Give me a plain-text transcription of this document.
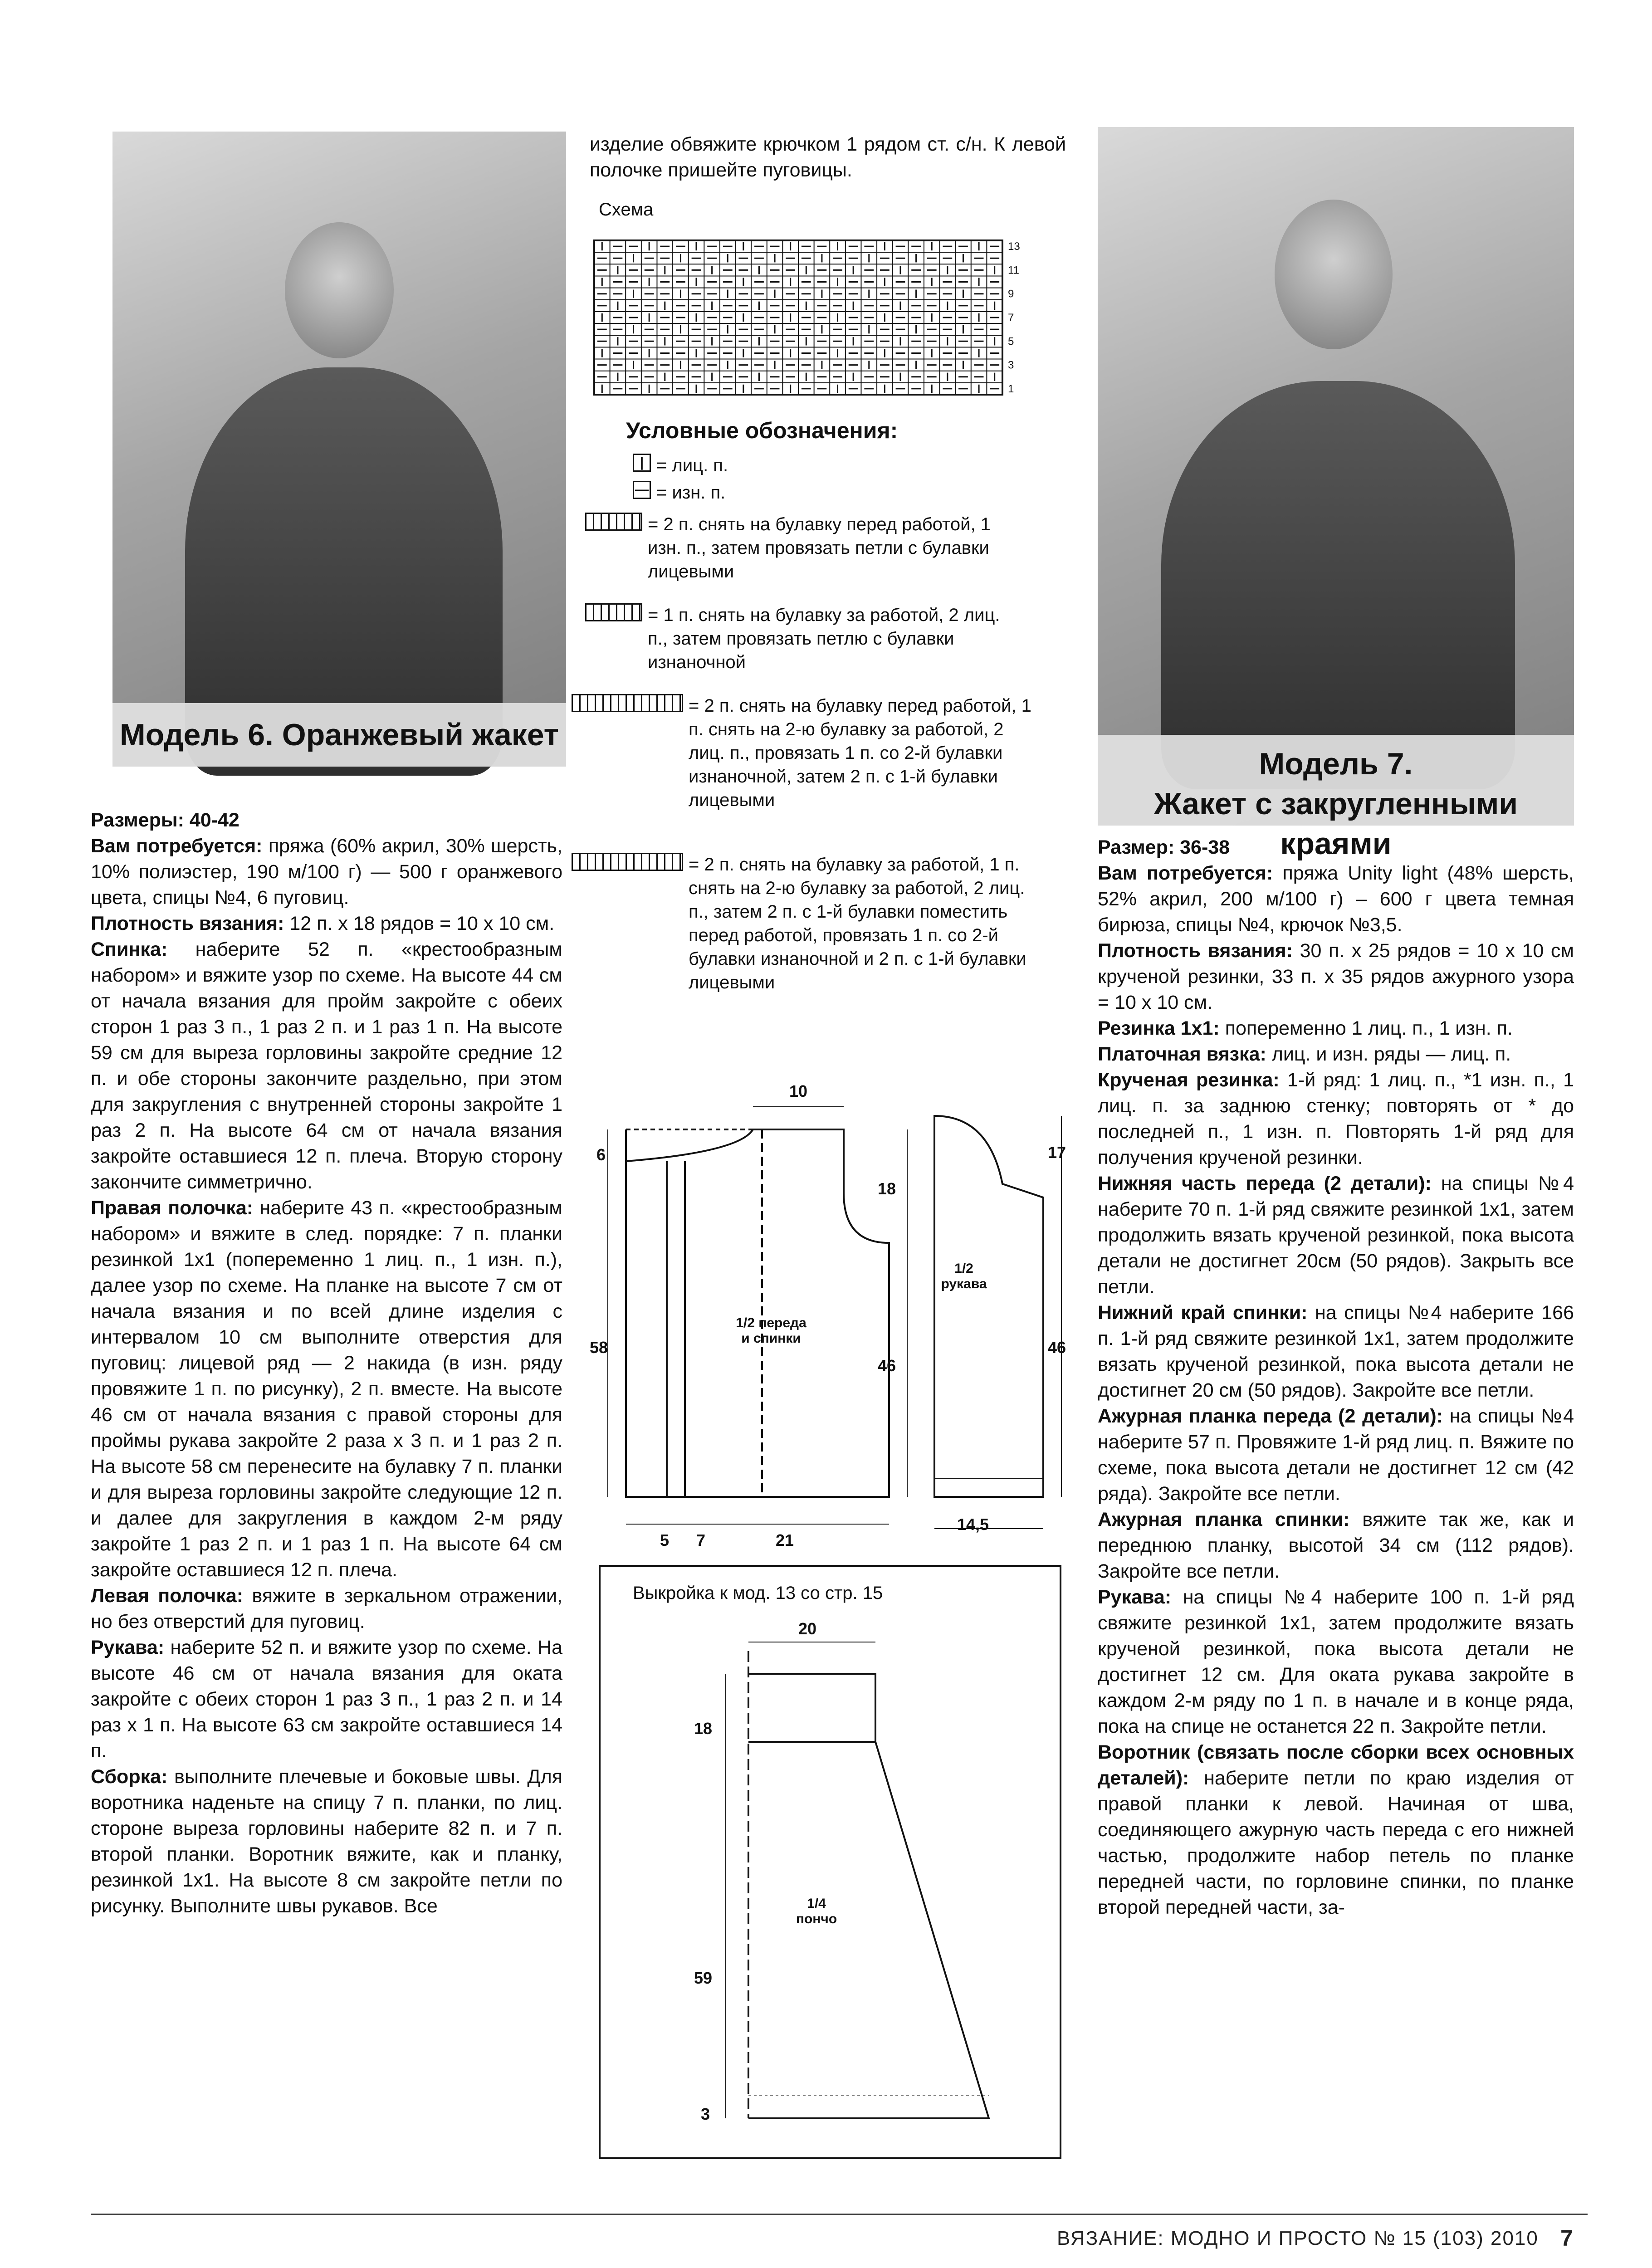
Модель 6. Оранжевый жакет
Модель 7.
Жакет с закругленными краями

Размеры: 40-42

Вам потребуется: пряжа (60% акрил, 30% шерсть, 10% полиэстер, 190 м/100 г) — 500 г оранжевого цвета, спицы №4, 6 пуговиц.

Плотность вязания: 12 п. x 18 рядов = 10 x 10 см.

Спинка: наберите 52 п. «крестообразным набором» и вяжите узор по схеме. На высоте 44 см от начала вязания для пройм закройте с обеих сторон 1 раз 3 п., 1 раз 2 п. и 1 раз 1 п. На высоте 59 см для выреза горловины закройте средние 12 п. и обе стороны закончите раздельно, при этом для закругления с внутренней стороны закройте 1 раз 2 п. На высоте 64 см от начала вязания закройте оставшиеся 12 п. плеча. Вторую сторону закончите симметрично.

Правая полочка: наберите 43 п. «крестообразным набором» и вяжите в след. порядке: 7 п. планки резинкой 1x1 (попеременно 1 лиц. п., 1 изн. п.), далее узор по схеме. На планке на высоте 7 см от начала вязания и по всей длине изделия с интервалом 10 см выполните отверстия для пуговиц: лицевой ряд — 2 накида (в изн. ряду провяжите 1 п. по рисунку), 2 п. вместе. На высоте 46 см от начала вязания с правой стороны для проймы рукава закройте 2 раза x 3 п. и 1 раз 2 п. На высоте 58 см перенесите на булавку 7 п. планки и для выреза горловины закройте следующие 12 п. и далее для закругления в каждом 2-м ряду закройте 1 раз 2 п. и 1 раз 1 п. На высоте 64 см закройте оставшиеся 12 п. плеча.

Левая полочка: вяжите в зеркальном отражении, но без отверстий для пуговиц.

Рукава: наберите 52 п. и вяжите узор по схеме. На высоте 46 см от начала вязания для оката закройте с обеих сторон 1 раз 3 п., 1 раз 2 п. и 14 раз x 1 п. На высоте 63 см закройте оставшиеся 14 п.

Сборка: выполните плечевые и боковые швы. Для воротника наденьте на спицу 7 п. планки, по лиц. стороне выреза горловины наберите 82 п. и 7 п. второй планки. Воротник вяжите, как и планку, резинкой 1x1. На высоте 8 см закройте петли по рисунку. Выполните швы рукавов. Все

изделие обвяжите крючком 1 рядом ст. с/н. К левой полочке пришейте пуговицы.
Схема
13
11
9
7
5
3
1
Условные обозначения:
| = лиц. п.
— = изн. п.
= 2 п. снять на булавку перед работой, 1 изн. п., затем провязать петли с булавки лицевыми
= 1 п. снять на булавку за работой, 2 лиц. п., затем провязать петлю с булавки изнаночной
= 2 п. снять на булавку перед работой, 1 п. снять на 2-ю булавку за работой, 2 лиц. п., провязать 1 п. со 2-й булавки изнаночной, затем 2 п. с 1-й булавки лицевыми
= 2 п. снять на булавку за работой, 1 п. снять на 2-ю булавку за работой, 2 лиц. п., затем 2 п. с 1-й булавки поместить перед работой, провязать 1 п. со 2-й булавки изнаночной и 2 п. с 1-й булавки лицевыми
10
6
18
17
58
46
46
5 7	21
14,5
1/2 переда и спинки
1/2 рукава
Выкройка к мод. 13 со стр. 15
20
18
59
3
1/4 пончо

Размер: 36-38

Вам потребуется: пряжа Unity light (48% шерсть, 52% акрил, 200 м/100 г) – 600 г цвета темная бирюза, спицы №4, крючок №3,5.

Плотность вязания: 30 п. x 25 рядов = 10 x 10 см крученой резинки, 33 п. x 35 рядов ажурного узора = 10 x 10 см.

Резинка 1x1: попеременно 1 лиц. п., 1 изн. п.

Платочная вязка: лиц. и изн. ряды — лиц. п.

Крученая резинка: 1-й ряд: 1 лиц. п., *1 изн. п., 1 лиц. п. за заднюю стенку; повторять от * до последней п., 1 изн. п. Повторять 1-й ряд для получения крученой резинки.

Нижняя часть переда (2 детали): на спицы №4 наберите 70 п. 1-й ряд свяжите резинкой 1x1, затем продолжить вязать крученой резинкой, пока высота детали не достигнет 20см (50 рядов). Закрыть все петли.

Нижний край спинки: на спицы №4 наберите 166 п. 1-й ряд свяжите резинкой 1x1, затем продолжите вязать крученой резинкой, пока высота детали не достигнет 20 см (50 рядов). Закройте все петли.

Ажурная планка переда (2 детали): на спицы №4 наберите 57 п. Провяжите 1-й ряд лиц. п. Вяжите по схеме, пока высота детали не достигнет 12 см (42 ряда). Закройте все петли.

Ажурная планка спинки: вяжите так же, как и переднюю планку, высотой 34 см (112 рядов). Закройте все петли.

Рукава: на спицы №4 наберите 100 п. 1-й ряд свяжите резинкой 1x1, затем продолжите вязать крученой резинкой, пока высота детали не достигнет 12 см. Для оката рукава закройте в каждом 2-м ряду по 1 п. в начале и в конце ряда, пока на спице не останется 22 п. Закройте петли.

Воротник (связать после сборки всех основных деталей): наберите петли по краю изделия от правой планки к левой. Начиная от шва, соединяющего ажурную часть переда с его нижней частью, продолжите набор петель по планке передней части, по горловине спинки, по планке второй передней части, за-

ВЯЗАНИЕ: МОДНО И ПРОСТО № 15 (103) 2010 7
